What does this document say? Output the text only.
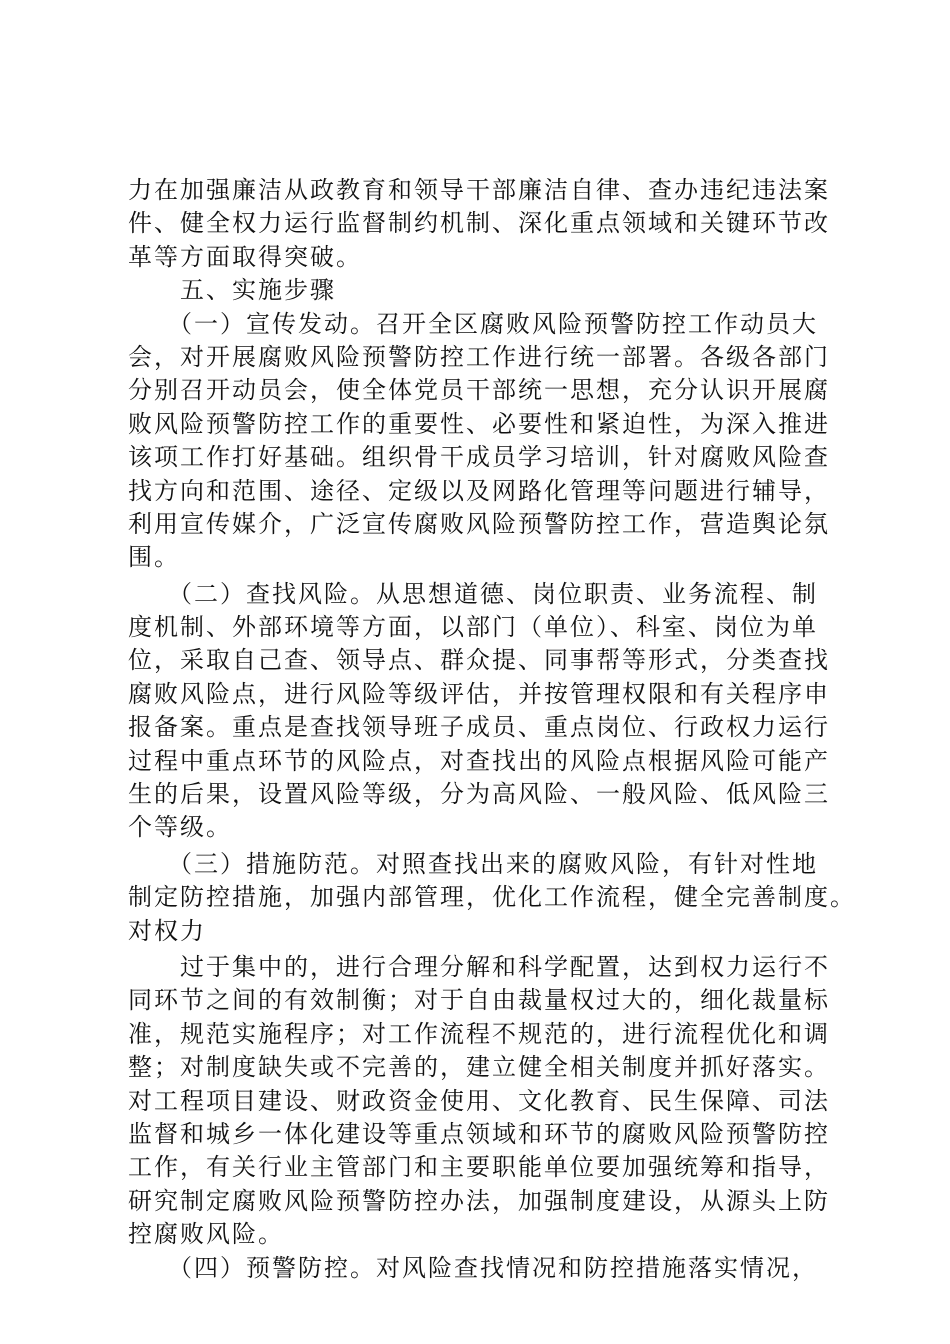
力在加强廉洁从政教育和领导干部廉洁自律、查办违纪违法案
件、健全权力运行监督制约机制、深化重点领域和关键环节改
革等方面取得突破。
　　五、实施步骤
　　（一）宣传发动。召开全区腐败风险预警防控工作动员大
会，对开展腐败风险预警防控工作进行统一部署。各级各部门
分别召开动员会，使全体党员干部统一思想，充分认识开展腐
败风险预警防控工作的重要性、必要性和紧迫性，为深入推进
该项工作打好基础。组织骨干成员学习培训，针对腐败风险查
找方向和范围、途径、定级以及网路化管理等问题进行辅导，
利用宣传媒介，广泛宣传腐败风险预警防控工作，营造舆论氛
围。
　　（二）查找风险。从思想道德、岗位职责、业务流程、制
度机制、外部环境等方面，以部门（单位）、科室、岗位为单
位，采取自己查、领导点、群众提、同事帮等形式，分类查找
腐败风险点，进行风险等级评估，并按管理权限和有关程序申
报备案。重点是查找领导班子成员、重点岗位、行政权力运行
过程中重点环节的风险点，对查找出的风险点根据风险可能产
生的后果，设置风险等级，分为高风险、一般风险、低风险三
个等级。
　　（三）措施防范。对照查找出来的腐败风险，有针对性地
制定防控措施，加强内部管理，优化工作流程，健全完善制度。
对权力
　　过于集中的，进行合理分解和科学配置，达到权力运行不
同环节之间的有效制衡；对于自由裁量权过大的，细化裁量标
准，规范实施程序；对工作流程不规范的，进行流程优化和调
整；对制度缺失或不完善的，建立健全相关制度并抓好落实。
对工程项目建设、财政资金使用、文化教育、民生保障、司法
监督和城乡一体化建设等重点领域和环节的腐败风险预警防控
工作，有关行业主管部门和主要职能单位要加强统筹和指导，
研究制定腐败风险预警防控办法，加强制度建设，从源头上防
控腐败风险。
　　（四）预警防控。对风险查找情况和防控措施落实情况，
